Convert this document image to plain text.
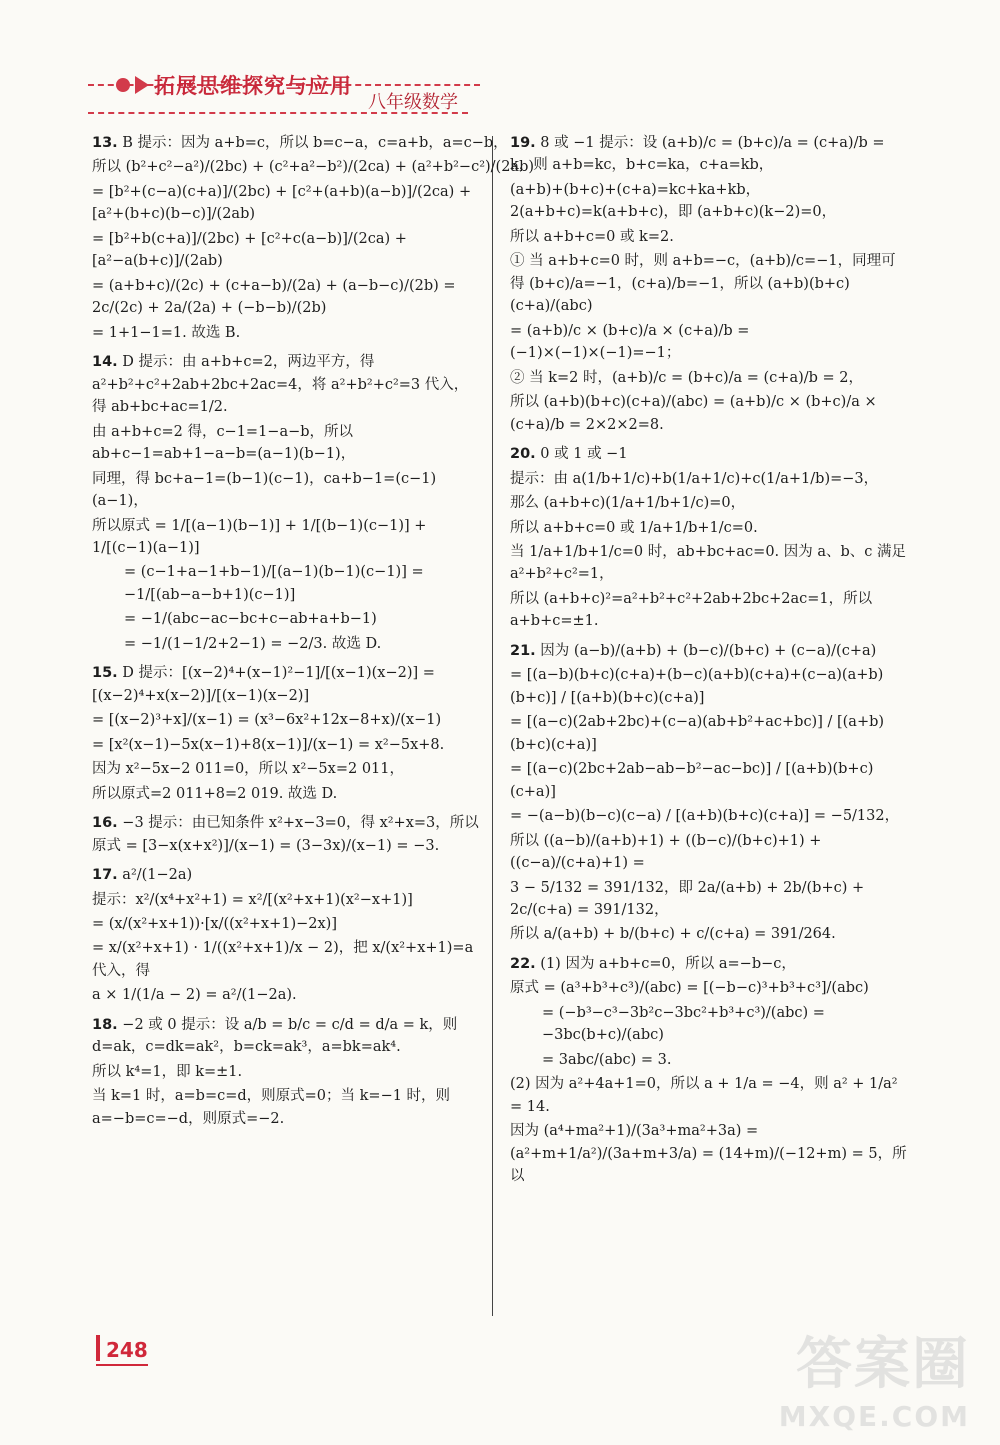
拓展思维探究与应用
八年级数学
13. B 提示：因为 a+b=c，所以 b=c−a，c=a+b，a=c−b，
所以 (b²+c²−a²)/(2bc) + (c²+a²−b²)/(2ca) + (a²+b²−c²)/(2ab)
= [b²+(c−a)(c+a)]/(2bc) + [c²+(a+b)(a−b)]/(2ca) + [a²+(b+c)(b−c)]/(2ab)
= [b²+b(c+a)]/(2bc) + [c²+c(a−b)]/(2ca) + [a²−a(b+c)]/(2ab)
= (a+b+c)/(2c) + (c+a−b)/(2a) + (a−b−c)/(2b) = 2c/(2c) + 2a/(2a) + (−b−b)/(2b)
= 1+1−1=1. 故选 B.
14. D 提示：由 a+b+c=2，两边平方，得 a²+b²+c²+2ab+2bc+2ac=4，将 a²+b²+c²=3 代入，得 ab+bc+ac=1/2.
由 a+b+c=2 得，c−1=1−a−b，所以 ab+c−1=ab+1−a−b=(a−1)(b−1)，
同理，得 bc+a−1=(b−1)(c−1)，ca+b−1=(c−1)(a−1)，
所以原式 = 1/[(a−1)(b−1)] + 1/[(b−1)(c−1)] + 1/[(c−1)(a−1)]
= (c−1+a−1+b−1)/[(a−1)(b−1)(c−1)] = −1/[(ab−a−b+1)(c−1)]
= −1/(abc−ac−bc+c−ab+a+b−1)
= −1/(1−1/2+2−1) = −2/3. 故选 D.
15. D 提示：[(x−2)⁴+(x−1)²−1]/[(x−1)(x−2)] = [(x−2)⁴+x(x−2)]/[(x−1)(x−2)]
= [(x−2)³+x]/(x−1) = (x³−6x²+12x−8+x)/(x−1)
= [x²(x−1)−5x(x−1)+8(x−1)]/(x−1) = x²−5x+8.
因为 x²−5x−2 011=0，所以 x²−5x=2 011，
所以原式=2 011+8=2 019. 故选 D.
16. −3 提示：由已知条件 x²+x−3=0，得 x²+x=3，所以原式 = [3−x(x+x²)]/(x−1) = (3−3x)/(x−1) = −3.
17. a²/(1−2a)
提示：x²/(x⁴+x²+1) = x²/[(x²+x+1)(x²−x+1)]
= (x/(x²+x+1))·[x/((x²+x+1)−2x)]
= x/(x²+x+1) · 1/((x²+x+1)/x − 2)，把 x/(x²+x+1)=a 代入，得
a × 1/(1/a − 2) = a²/(1−2a).
18. −2 或 0 提示：设 a/b = b/c = c/d = d/a = k，则 d=ak，c=dk=ak²，b=ck=ak³，a=bk=ak⁴.
所以 k⁴=1，即 k=±1.
当 k=1 时，a=b=c=d，则原式=0；当 k=−1 时，则 a=−b=c=−d，则原式=−2.
19. 8 或 −1 提示：设 (a+b)/c = (b+c)/a = (c+a)/b = k，则 a+b=kc，b+c=ka，c+a=kb，
(a+b)+(b+c)+(c+a)=kc+ka+kb，2(a+b+c)=k(a+b+c)，即 (a+b+c)(k−2)=0，
所以 a+b+c=0 或 k=2.
① 当 a+b+c=0 时，则 a+b=−c，(a+b)/c=−1，同理可得 (b+c)/a=−1，(c+a)/b=−1，所以 (a+b)(b+c)(c+a)/(abc)
= (a+b)/c × (b+c)/a × (c+a)/b = (−1)×(−1)×(−1)=−1；
② 当 k=2 时，(a+b)/c = (b+c)/a = (c+a)/b = 2，
所以 (a+b)(b+c)(c+a)/(abc) = (a+b)/c × (b+c)/a × (c+a)/b = 2×2×2=8.
20. 0 或 1 或 −1
提示：由 a(1/b+1/c)+b(1/a+1/c)+c(1/a+1/b)=−3，
那么 (a+b+c)(1/a+1/b+1/c)=0，
所以 a+b+c=0 或 1/a+1/b+1/c=0.
当 1/a+1/b+1/c=0 时，ab+bc+ac=0. 因为 a、b、c 满足 a²+b²+c²=1，
所以 (a+b+c)²=a²+b²+c²+2ab+2bc+2ac=1，所以 a+b+c=±1.
21. 因为 (a−b)/(a+b) + (b−c)/(b+c) + (c−a)/(c+a)
= [(a−b)(b+c)(c+a)+(b−c)(a+b)(c+a)+(c−a)(a+b)(b+c)] / [(a+b)(b+c)(c+a)]
= [(a−c)(2ab+2bc)+(c−a)(ab+b²+ac+bc)] / [(a+b)(b+c)(c+a)]
= [(a−c)(2bc+2ab−ab−b²−ac−bc)] / [(a+b)(b+c)(c+a)]
= −(a−b)(b−c)(c−a) / [(a+b)(b+c)(c+a)] = −5/132，
所以 ((a−b)/(a+b)+1) + ((b−c)/(b+c)+1) + ((c−a)/(c+a)+1) =
3 − 5/132 = 391/132，即 2a/(a+b) + 2b/(b+c) + 2c/(c+a) = 391/132，
所以 a/(a+b) + b/(b+c) + c/(c+a) = 391/264.
22. (1) 因为 a+b+c=0，所以 a=−b−c，
原式 = (a³+b³+c³)/(abc) = [(−b−c)³+b³+c³]/(abc)
= (−b³−c³−3b²c−3bc²+b³+c³)/(abc) = −3bc(b+c)/(abc)
= 3abc/(abc) = 3.
(2) 因为 a²+4a+1=0，所以 a + 1/a = −4，则 a² + 1/a² = 14.
因为 (a⁴+ma²+1)/(3a³+ma²+3a) = (a²+m+1/a²)/(3a+m+3/a) = (14+m)/(−12+m) = 5，所以
248	答案圈
MXQE.COM
